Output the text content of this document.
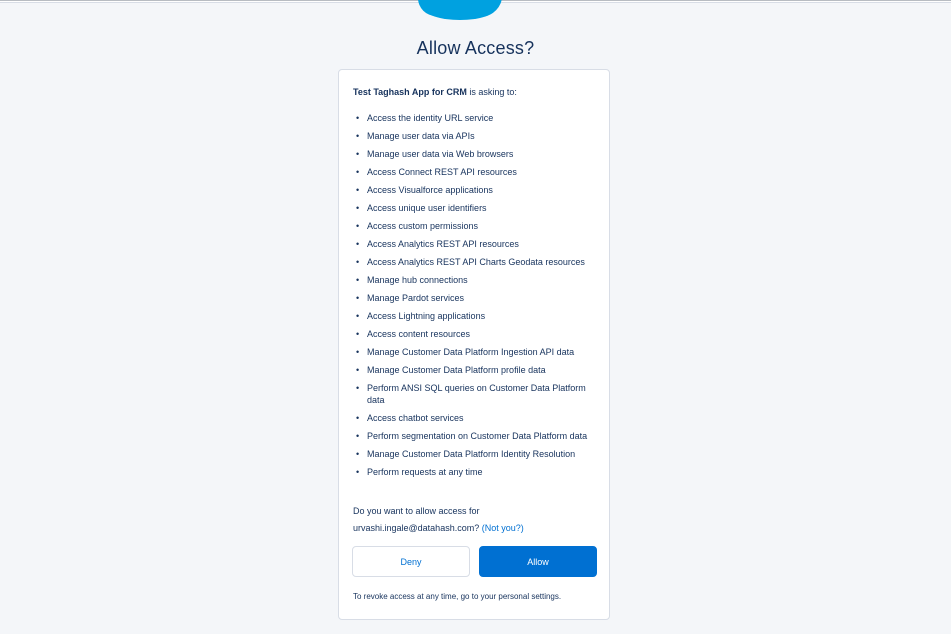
Allow Access?
Test Taghash App for CRM is asking to:
• Access the identity URL service
• Manage user data via APIs
• Manage user data via Web browsers
• Access Connect REST API resources
• Access Visualforce applications
• Access unique user identifiers
• Access custom permissions
• Access Analytics REST API resources
• Access Analytics REST API Charts Geodata resources
• Manage hub connections
• Manage Pardot services
• Access Lightning applications
• Access content resources
• Manage Customer Data Platform Ingestion API data
• Manage Customer Data Platform profile data
• Perform ANSI SQL queries on Customer Data Platform data
• Access chatbot services
• Perform segmentation on Customer Data Platform data
• Manage Customer Data Platform Identity Resolution
• Perform requests at any time
Do you want to allow access for
urvashi.ingale@datahash.com? (Not you?)
Deny	Allow
To revoke access at any time, go to your personal settings.
